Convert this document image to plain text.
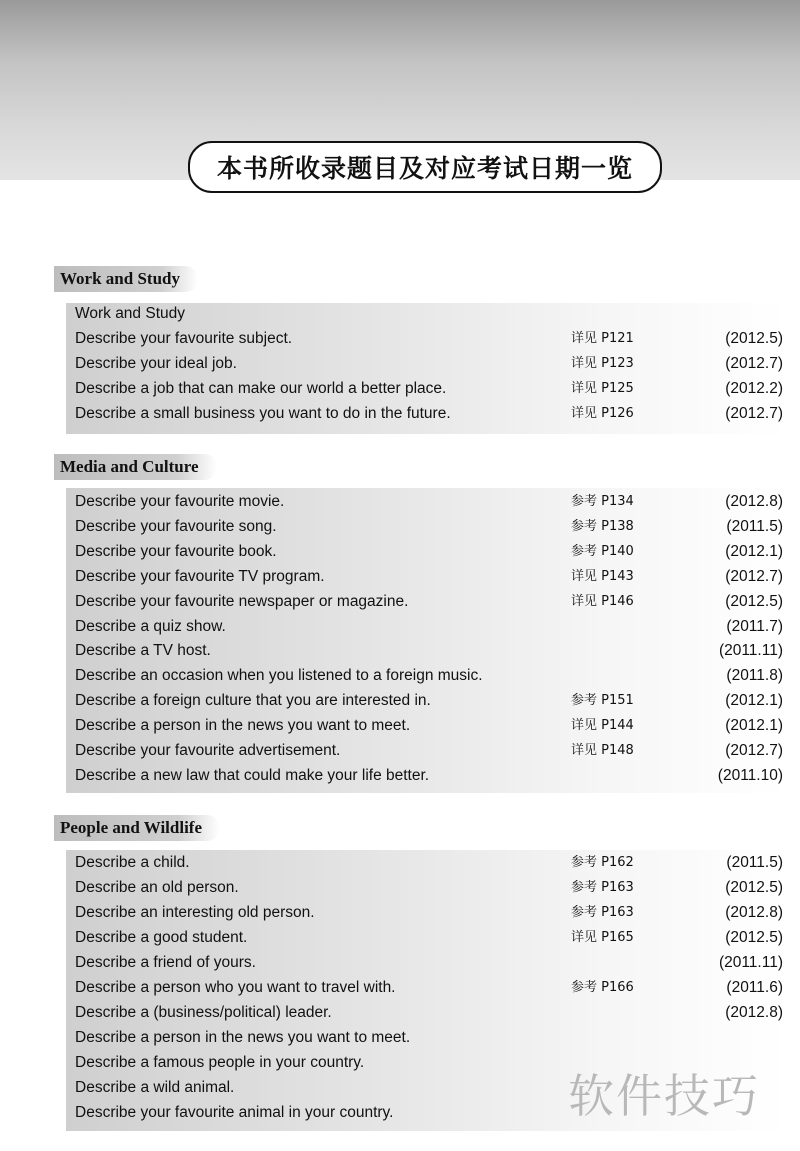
本书所收录题目及对应考试日期一览
Work and Study
Work and Study
Describe your favourite subject.	详见 P121	(2012.5)
Describe your ideal job.	详见 P123	(2012.7)
Describe a job that can make our world a better place.	详见 P125	(2012.2)
Describe a small business you want to do in the future.	详见 P126	(2012.7)
Media and Culture
Describe your favourite movie.	参考 P134	(2012.8)
Describe your favourite song.	参考 P138	(2011.5)
Describe your favourite book.	参考 P140	(2012.1)
Describe your favourite TV program.	详见 P143	(2012.7)
Describe your favourite newspaper or magazine.	详见 P146	(2012.5)
Describe a quiz show.	(2011.7)
Describe a TV host.	(2011.11)
Describe an occasion when you listened to a foreign music.	(2011.8)
Describe a foreign culture that you are interested in.	参考 P151	(2012.1)
Describe a person in the news you want to meet.	详见 P144	(2012.1)
Describe your favourite advertisement.	详见 P148	(2012.7)
Describe a new law that could make your life better.	(2011.10)
People and Wildlife
Describe a child.	参考 P162	(2011.5)
Describe an old person.	参考 P163	(2012.5)
Describe an interesting old person.	参考 P163	(2012.8)
Describe a good student.	详见 P165	(2012.5)
Describe a friend of yours.	(2011.11)
Describe a person who you want to travel with.	参考 P166	(2011.6)
Describe a (business/political) leader.	(2012.8)
Describe a person in the news you want to meet.
Describe a famous people in your country.
Describe a wild animal.
Describe your favourite animal in your country.	软件技巧
